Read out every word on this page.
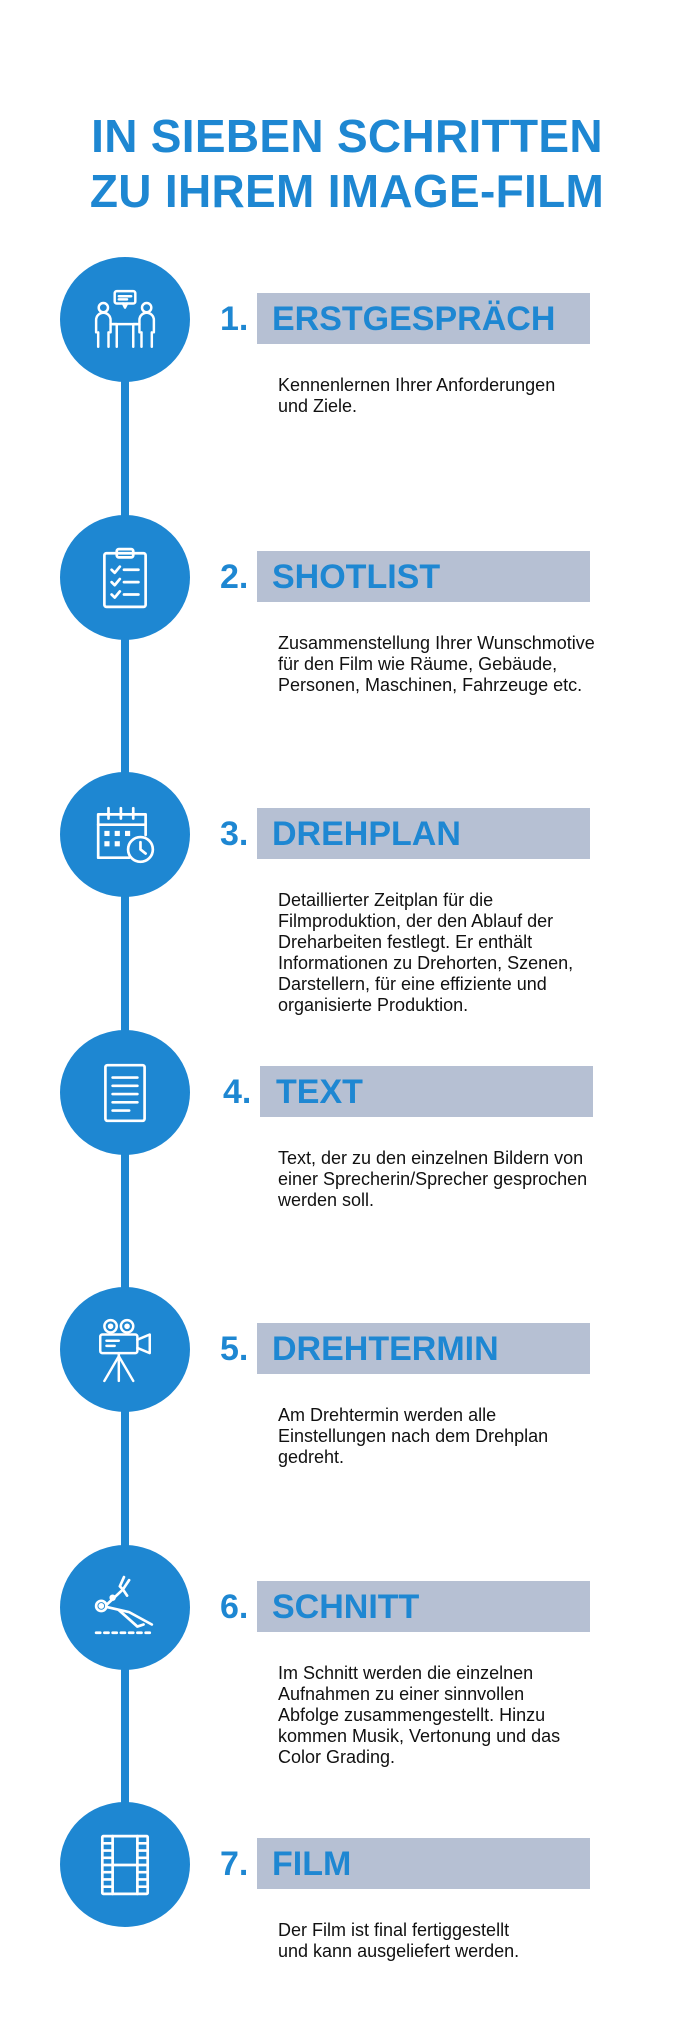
IN SIEBEN SCHRITTEN
ZU IHREM IMAGE-FILM
1. ERSTGESPRÄCH
Kennenlernen Ihrer Anforderungen
und Ziele.
2. SHOTLIST
Zusammenstellung Ihrer Wunschmotive
für den Film wie Räume, Gebäude,
Personen, Maschinen, Fahrzeuge etc.
3. DREHPLAN
Detaillierter Zeitplan für die
Filmproduktion, der den Ablauf der
Dreharbeiten festlegt. Er enthält
Informationen zu Drehorten, Szenen,
Darstellern, für eine effiziente und
organisierte Produktion.
4. TEXT
Text, der zu den einzelnen Bildern von
einer Sprecherin/Sprecher gesprochen
werden soll.
5. DREHTERMIN
Am Drehtermin werden alle
Einstellungen nach dem Drehplan
gedreht.
6. SCHNITT
Im Schnitt werden die einzelnen
Aufnahmen zu einer sinnvollen
Abfolge zusammengestellt. Hinzu
kommen Musik, Vertonung und das
Color Grading.
7. FILM
Der Film ist final fertiggestellt
und kann ausgeliefert werden.
